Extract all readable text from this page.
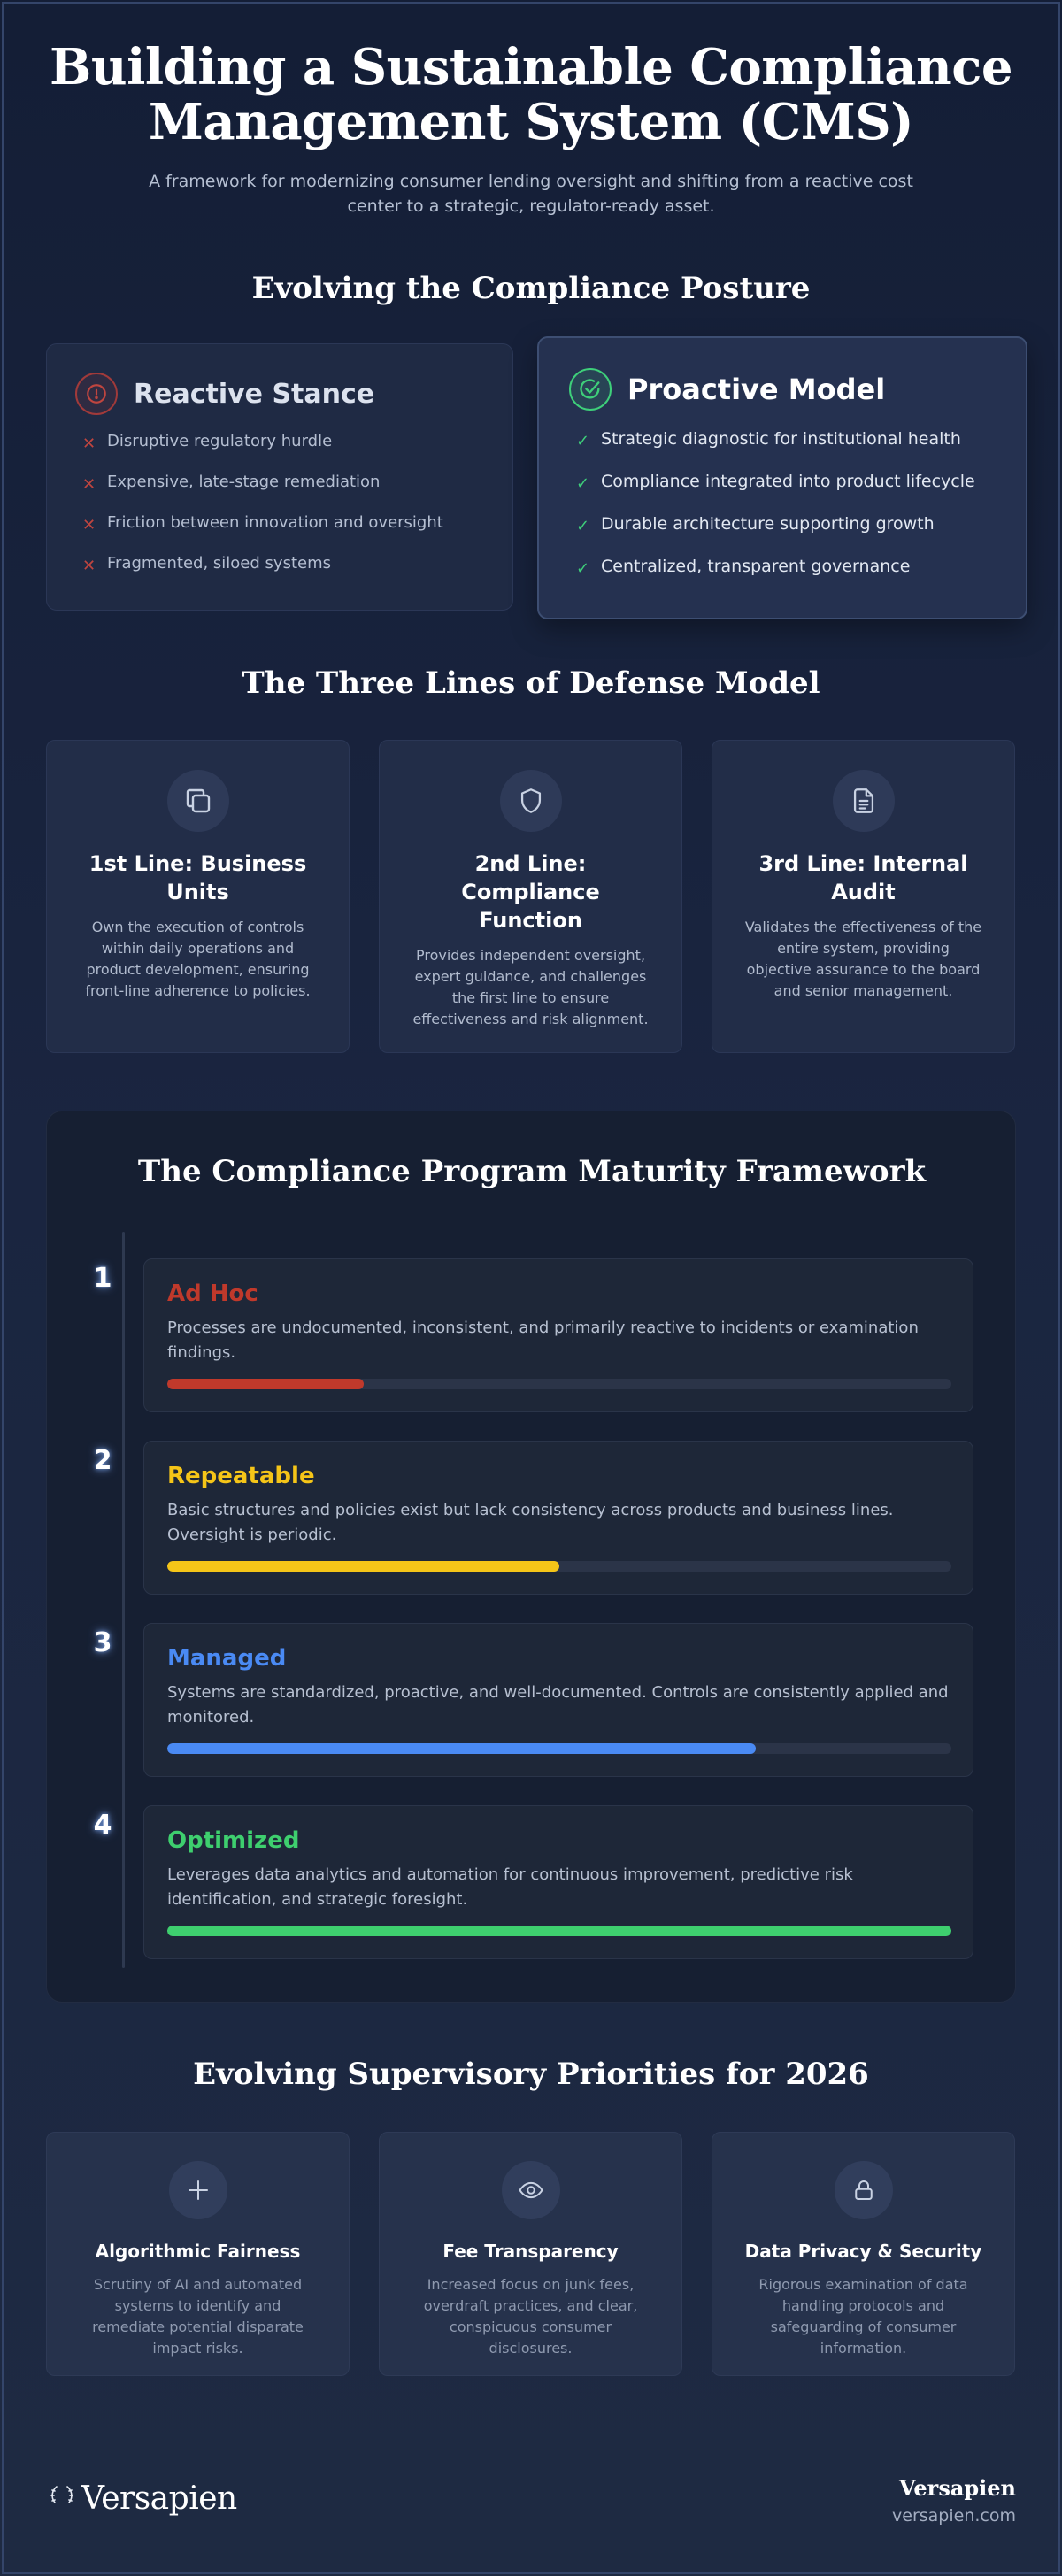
Building a Sustainable Compliance
Management System (CMS)

A framework for modernizing consumer lending oversight and shifting from a reactive cost center to a strategic, regulator-ready asset.

Evolving the Compliance Posture
Reactive Stance
✕ Disruptive regulatory hurdle
✕ Expensive, late-stage remediation
✕ Friction between innovation and oversight
✕ Fragmented, siloed systems
Proactive Model
✓ Strategic diagnostic for institutional health
✓ Compliance integrated into product lifecycle
✓ Durable architecture supporting growth
✓ Centralized, transparent governance
The Three Lines of Defense Model
1st Line: Business Units
Own the execution of controls within daily operations and product development, ensuring front-line adherence to policies.
2nd Line: Compliance Function
Provides independent oversight, expert guidance, and challenges the first line to ensure effectiveness and risk alignment.
3rd Line: Internal Audit
Validates the effectiveness of the entire system, providing objective assurance to the board and senior management.
The Compliance Program Maturity Framework
1 Ad Hoc
Processes are undocumented, inconsistent, and primarily reactive to incidents or examination findings.
2 Repeatable
Basic structures and policies exist but lack consistency across products and business lines. Oversight is periodic.
3 Managed
Systems are standardized, proactive, and well-documented. Controls are consistently applied and monitored.
4 Optimized
Leverages data analytics and automation for continuous improvement, predictive risk identification, and strategic foresight.
Evolving Supervisory Priorities for 2026
Algorithmic Fairness
Scrutiny of AI and automated systems to identify and remediate potential disparate impact risks.
Fee Transparency
Increased focus on junk fees, overdraft practices, and clear, conspicuous consumer disclosures.
Data Privacy & Security
Rigorous examination of data handling protocols and safeguarding of consumer information.
Versapien	Versapien
versapien.com
